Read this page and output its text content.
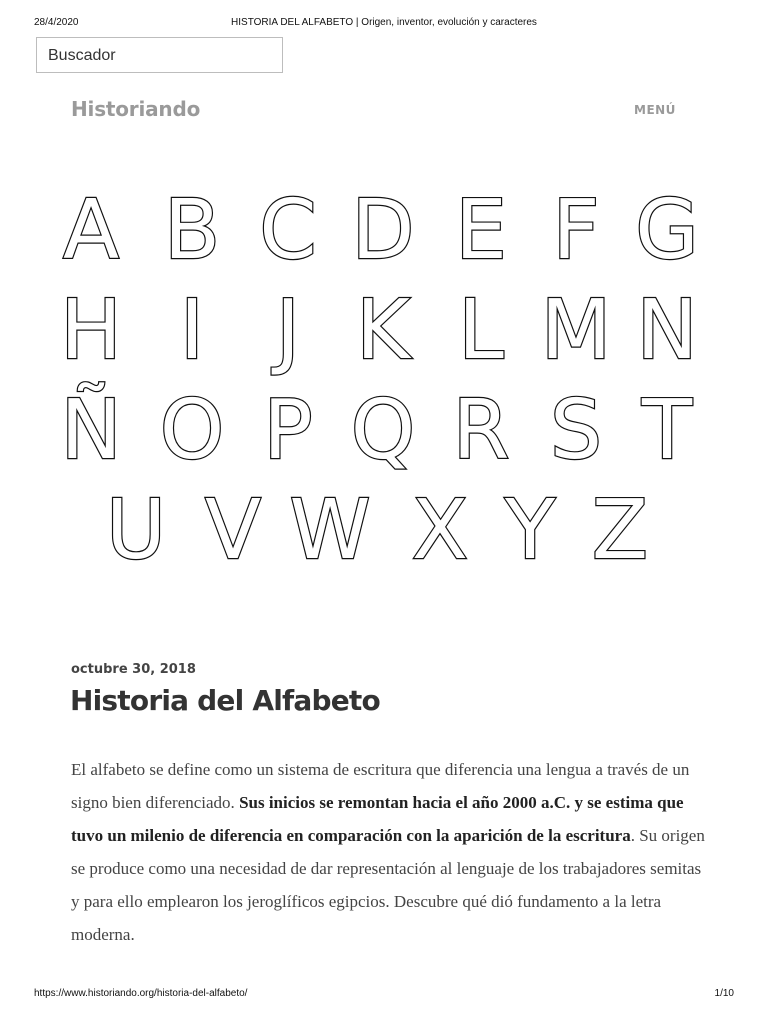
28/4/2020	HISTORIA DEL ALFABETO | Origen, inventor, evolución y caracteres
Buscador
Historiando	MENÚ
A B C D E F G
H I J K L M N
Ñ O P Q R S T
U V W X Y Z
octubre 30, 2018
Historia del Alfabeto

El alfabeto se define como un sistema de escritura que diferencia una lengua a través de un signo bien diferenciado. Sus inicios se remontan hacia el año 2000 a.C. y se estima que tuvo un milenio de diferencia en comparación con la aparición de la escritura. Su origen se produce como una necesidad de dar representación al lenguaje de los trabajadores semitas y para ello emplearon los jeroglíficos egipcios. Descubre qué dió fundamento a la letra moderna.

https://www.historiando.org/historia-del-alfabeto/	1/10
